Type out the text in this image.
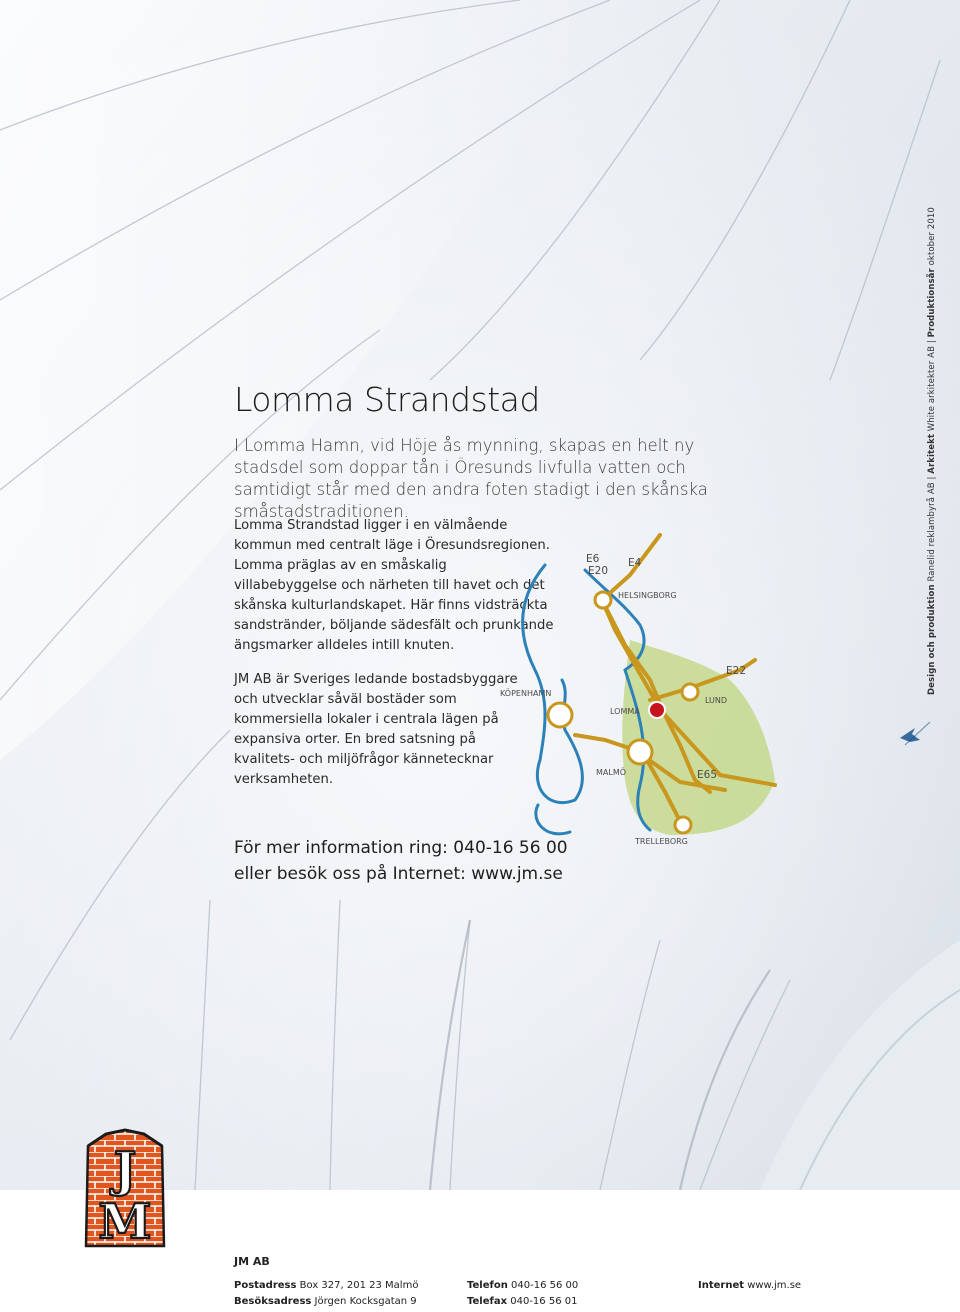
Lomma Strandstad

I Lomma Hamn, vid Höje ås mynning, skapas en helt ny stadsdel som doppar tån i Öresunds livfulla vatten och samtidigt står med den andra foten stadigt i den skånska småstadstraditionen.

Lomma Strandstad ligger i en välmående kommun med centralt läge i Öresundsregionen. Lomma präglas av en småskalig villabebyggelse och närheten till havet och det skånska kulturlandskapet. Här finns vidsträckta sandstränder, böljande sädesfält och prunkande ängsmarker alldeles intill knuten.

JM AB är Sveriges ledande bostadsbyggare och utvecklar såväl bostäder som kommersiella lokaler i centrala lägen på expansiva orter. En bred satsning på kvalitets- och miljöfrågor kännetecknar verksamheten.

För mer information ring: 040-16 56 00
eller besök oss på Internet: www.jm.se
E6
E20
E4
E22
E65
HELSINGBORG
KÖPENHAMN
LOMMA
LUND
MALMÖ
TRELLEBORG
Design och produktion Ranelid reklambyrå AB | Arkitekt White arkitekter AB | Produktionsår oktober 2010
J
M
JM AB
Postadress Box 327, 201 23 Malmö	Telefon 040-16 56 00	Internet www.jm.se
Besöksadress Jörgen Kocksgatan 9	Telefax 040-16 56 01
